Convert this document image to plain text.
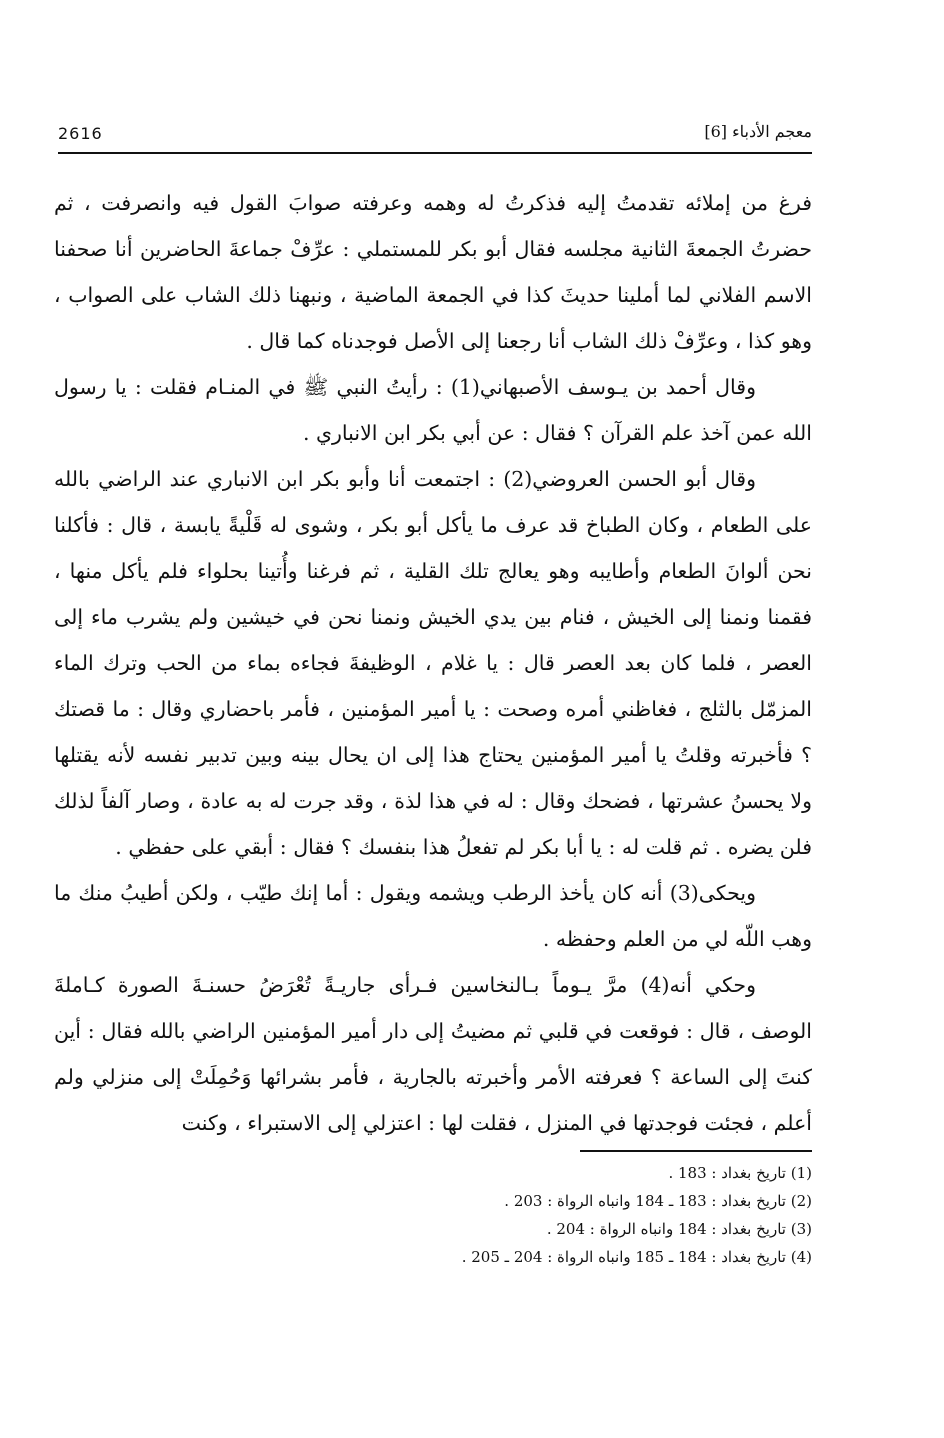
2616	معجم الأدباء [6]

فرغ من إملائه تقدمتُ إليه فذكرتُ له وهمه وعرفته صوابَ القول فيه وانصرفت ، ثم حضرتُ الجمعةَ الثانية مجلسه فقال أبو بكر للمستملي : عرِّفْ جماعةَ الحاضرين أنا صحفنا الاسم الفلاني لما أملينا حديثَ كذا في الجمعة الماضية ، ونبهنا ذلك الشاب على الصواب ، وهو كذا ، وعرِّفْ ذلك الشاب أنا رجعنا إلى الأصل فوجدناه كما قال .

وقال أحمد بن يـوسف الأصبهاني(1) : رأيتُ النبي ﷺ في المنـام فقلت : يا رسول الله عمن آخذ علم القرآن ؟ فقال : عن أبي بكر ابن الانباري .

وقال أبو الحسن العروضي(2) : اجتمعت أنا وأبو بكر ابن الانباري عند الراضي بالله على الطعام ، وكان الطباخ قد عرف ما يأكل أبو بكر ، وشوى له قَلْيةً يابسة ، قال : فأكلنا نحن ألوانَ الطعام وأطايبه وهو يعالج تلك القلية ، ثم فرغنا وأُتينا بحلواء فلم يأكل منها ، فقمنا ونمنا إلى الخيش ، فنام بين يدي الخيش ونمنا نحن في خيشين ولم يشرب ماء إلى العصر ، فلما كان بعد العصر قال : يا غلام ، الوظيفةَ فجاءه بماء من الحب وترك الماء المزمّل بالثلج ، فغاظني أمره وصحت : يا أمير المؤمنين ، فأمر باحضاري وقال : ما قصتك ؟ فأخبرته وقلتُ يا أمير المؤمنين يحتاج هذا إلى ان يحال بينه وبين تدبير نفسه لأنه يقتلها ولا يحسنُ عشرتها ، فضحك وقال : له في هذا لذة ، وقد جرت له به عادة ، وصار آلفاً لذلك فلن يضره . ثم قلت له : يا أبا بكر لم تفعلُ هذا بنفسك ؟ فقال : أبقي على حفظي .

ويحكى(3) أنه كان يأخذ الرطب ويشمه ويقول : أما إنك طيّب ، ولكن أطيبُ منك ما وهب اللّه لي من العلم وحفظه .

وحكي أنه(4) مرَّ يـوماً بـالنخاسين فـرأى جاريـةً تُعْرَضُ حسنـةَ الصورة كـاملةَ الوصف ، قال : فوقعت في قلبي ثم مضيتُ إلى دار أمير المؤمنين الراضي بالله فقال : أين كنتَ إلى الساعة ؟ فعرفته الأمر وأخبرته بالجارية ، فأمر بشرائها وَحُمِلَتْ إلى منزلي ولم أعلم ، فجئت فوجدتها في المنزل ، فقلت لها : اعتزلي إلى الاستبراء ، وكنت

(1) تاريخ بغداد : 183 .

(2) تاريخ بغداد : 183 ـ 184 وانباه الرواة : 203 .

(3) تاريخ بغداد : 184 وانباه الرواة : 204 .

(4) تاريخ بغداد : 184 ـ 185 وانباه الرواة : 204 ـ 205 .
